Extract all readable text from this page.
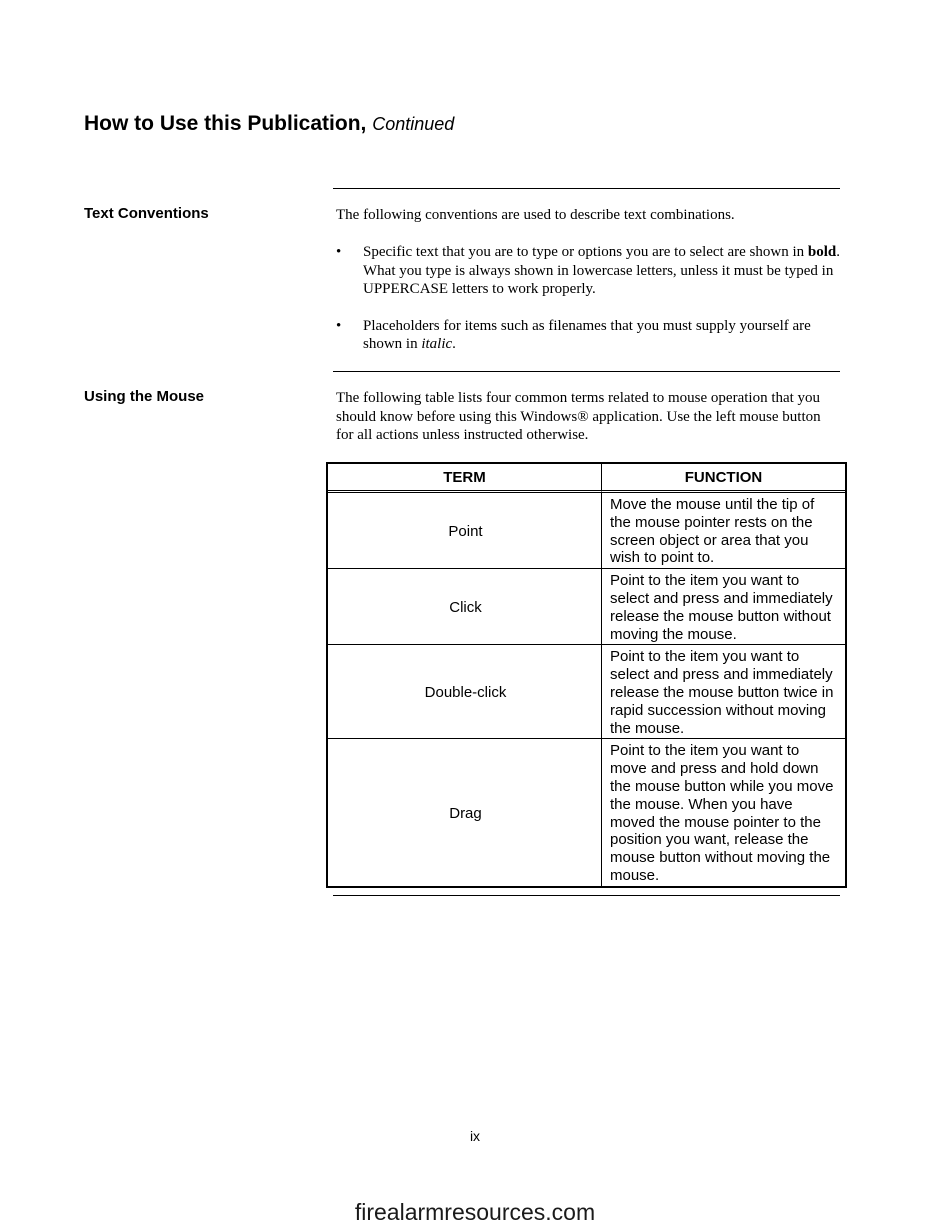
How to Use this Publication, Continued
Text Conventions	The following conventions are used to describe text combinations.

• Specific text that you are to type or options you are to select are shown in bold. What you type is always shown in lowercase letters, unless it must be typed in UPPERCASE letters to work properly.
• Placeholders for items such as filenames that you must supply yourself are shown in italic.
Using the Mouse	The following table lists four common terms related to mouse operation that you should know before using this Windows® application. Use the left mouse button for all actions unless instructed otherwise.

TERM	FUNCTION
Point	Move the mouse until the tip of the mouse pointer rests on the screen object or area that you wish to point to.
Click	Point to the item you want to select and press and immediately release the mouse button without moving the mouse.
Double-click	Point to the item you want to select and press and immediately release the mouse button twice in rapid succession without moving the mouse.
Drag	Point to the item you want to move and press and hold down the mouse button while you move the mouse. When you have moved the mouse pointer to the position you want, release the mouse button without moving the mouse.
ix
firealarmresources.com
